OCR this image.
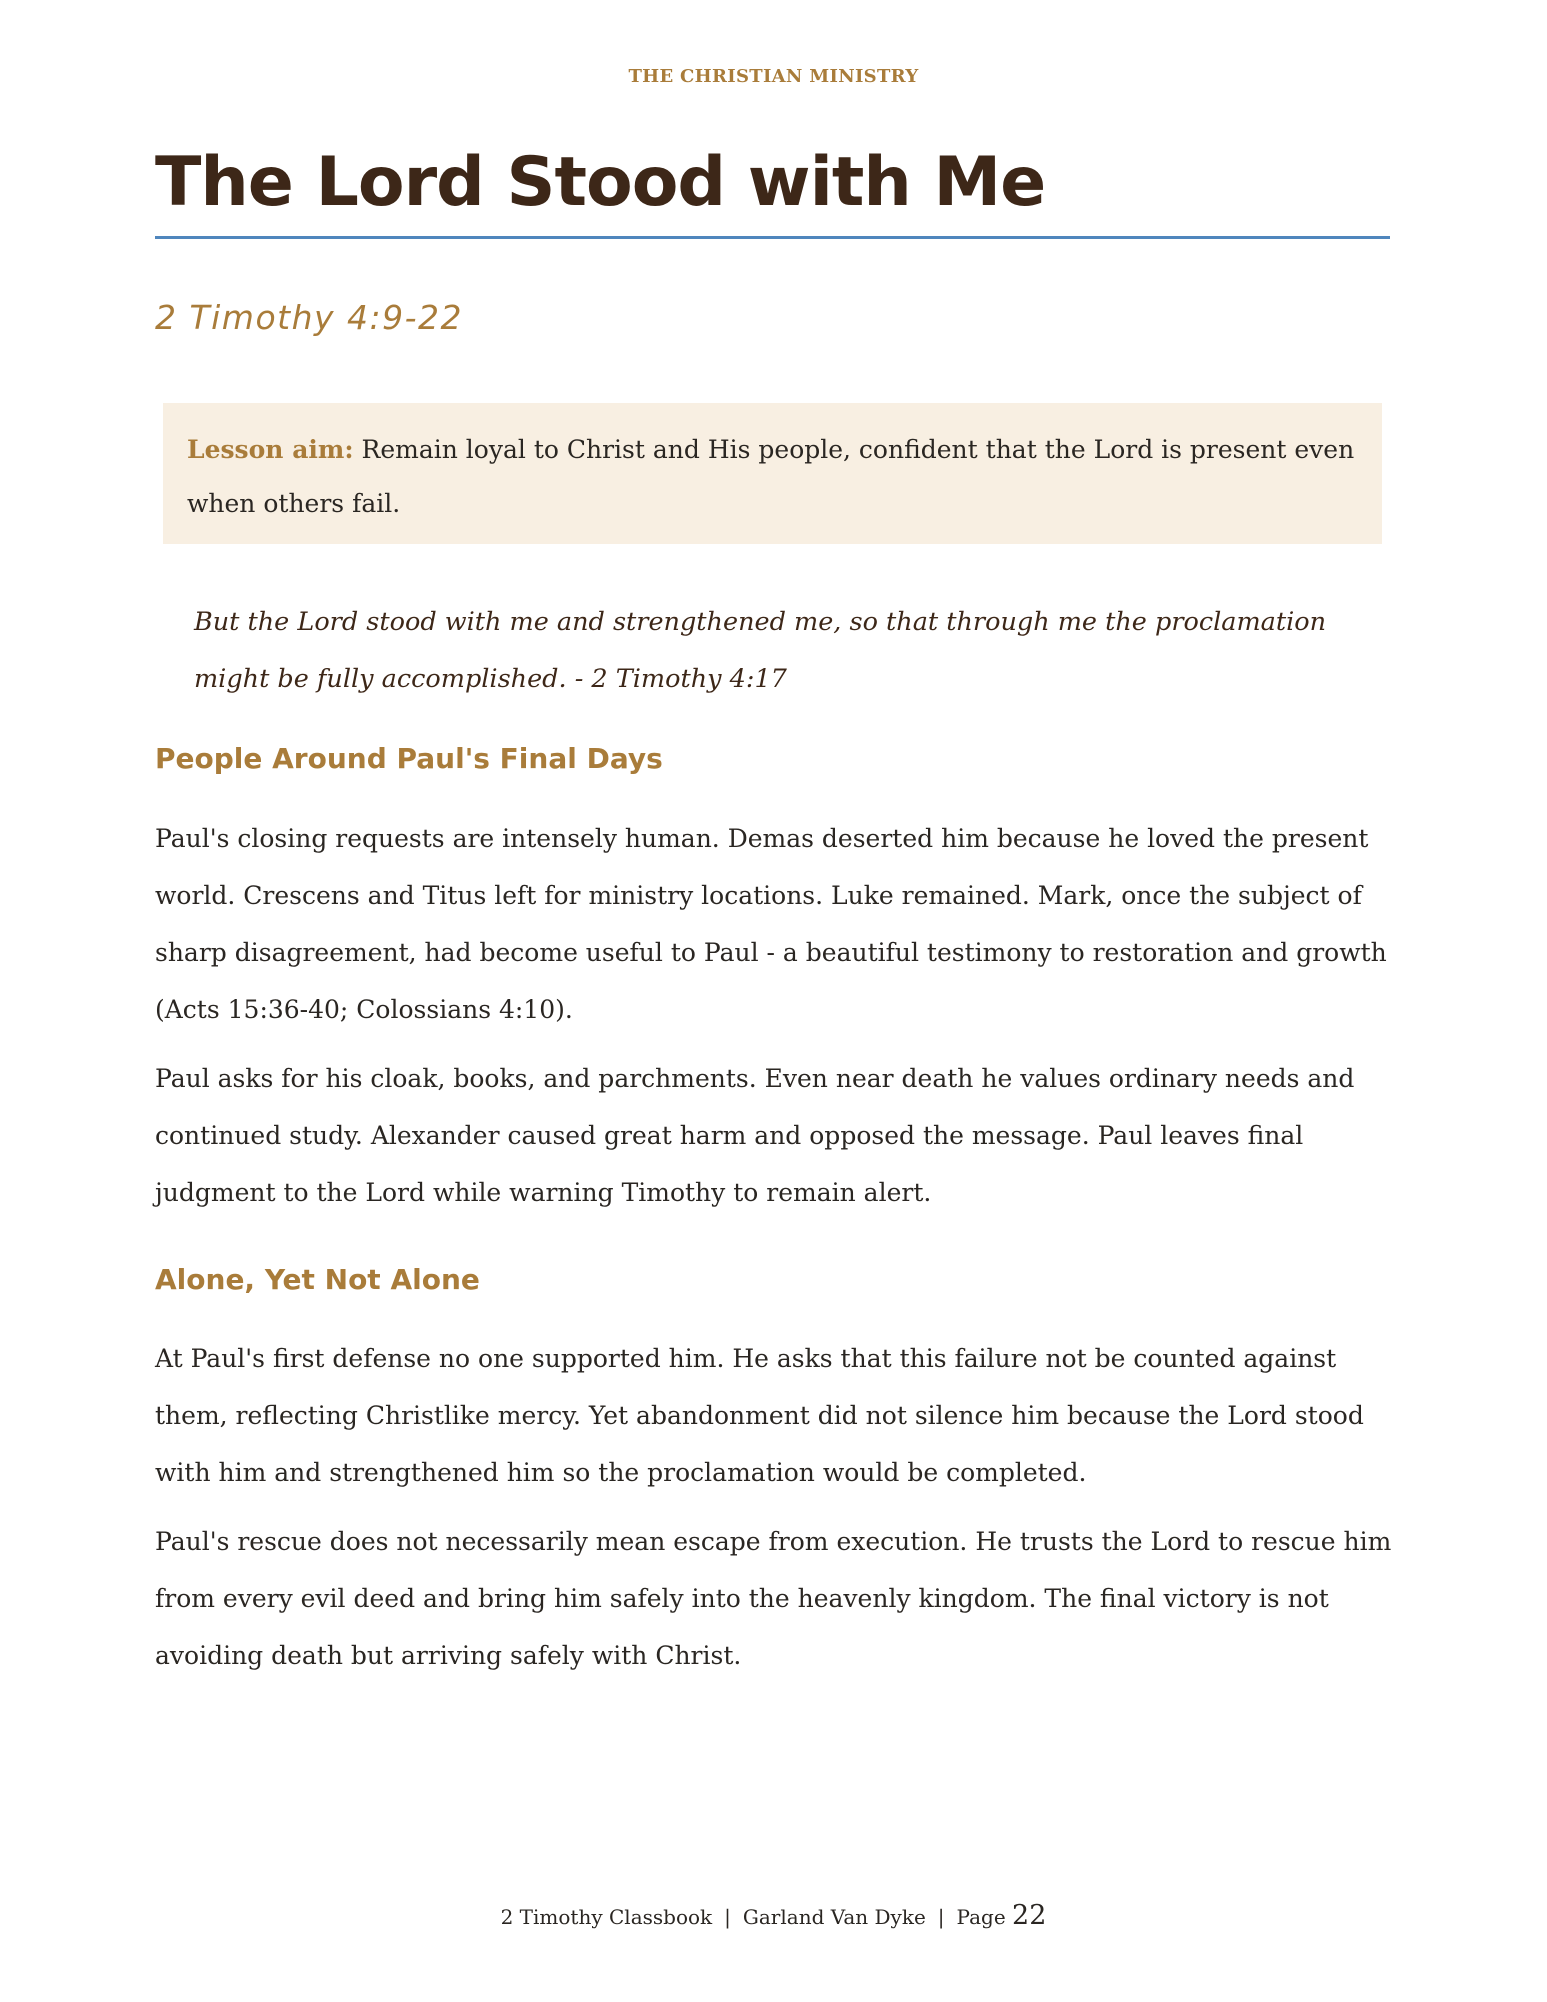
THE CHRISTIAN MINISTRY
The Lord Stood with Me
2 Timothy 4:9-22
Lesson aim: Remain loyal to Christ and His people, confident that the Lord is present even when others fail.
But the Lord stood with me and strengthened me, so that through me the proclamation might be fully accomplished. - 2 Timothy 4:17
People Around Paul's Final Days

Paul's closing requests are intensely human. Demas deserted him because he loved the present world. Crescens and Titus left for ministry locations. Luke remained. Mark, once the subject of sharp disagreement, had become useful to Paul - a beautiful testimony to restoration and growth (Acts 15:36-40; Colossians 4:10).

Paul asks for his cloak, books, and parchments. Even near death he values ordinary needs and continued study. Alexander caused great harm and opposed the message. Paul leaves final judgment to the Lord while warning Timothy to remain alert.

Alone, Yet Not Alone

At Paul's first defense no one supported him. He asks that this failure not be counted against them, reflecting Christlike mercy. Yet abandonment did not silence him because the Lord stood with him and strengthened him so the proclamation would be completed.

Paul's rescue does not necessarily mean escape from execution. He trusts the Lord to rescue him from every evil deed and bring him safely into the heavenly kingdom. The final victory is not avoiding death but arriving safely with Christ.

2 Timothy Classbook | Garland Van Dyke | Page 22
